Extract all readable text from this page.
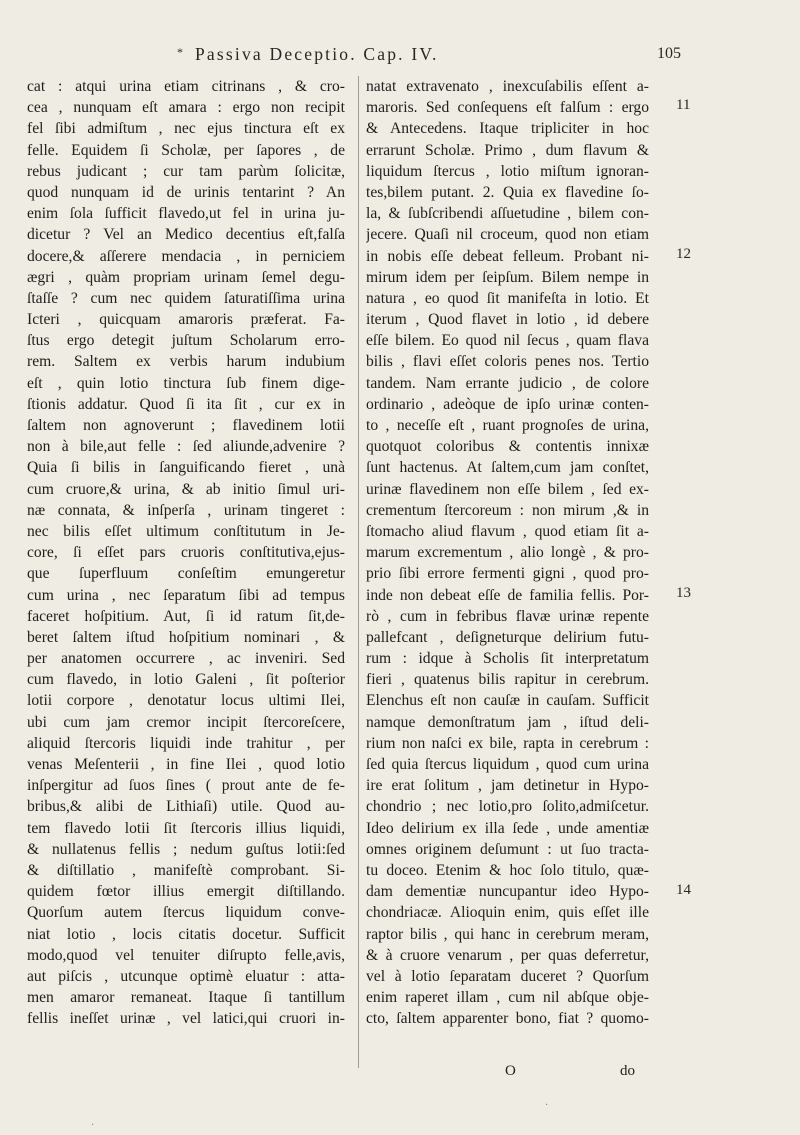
* Passiva Deceptio. Cap. IV.	105
cat : atqui urina etiam citrinans , & cro-
cea , nunquam eſt amara : ergo non recipit
fel ſibi admiſtum , nec ejus tinctura eſt ex
felle. Equidem ſi Scholæ, per ſapores , de
rebus judicant ; cur tam parùm ſolicitæ,
quod nunquam id de urinis tentarint ? An
enim ſola ſufficit flavedo,ut fel in urina ju-
dicetur ? Vel an Medico decentius eſt,falſa
docere,& aſſerere mendacia , in perniciem
ægri , quàm propriam urinam ſemel degu-
ſtaſſe ? cum nec quidem ſaturatiſſima urina
Icteri , quicquam amaroris præferat. Fa-
ſtus ergo detegit juſtum Scholarum erro-
rem. Saltem ex verbis harum indubium
eſt , quin lotio tinctura ſub finem dige-
ſtionis addatur. Quod ſi ita ſit , cur ex in
ſaltem non agnoverunt ; flavedinem lotii
non à bile,aut felle : ſed aliunde,advenire ?
Quia ſi bilis in ſanguificando fieret , unà
cum cruore,& urina, & ab initio ſimul uri-
næ connata, & inſperſa , urinam tingeret :
nec bilis eſſet ultimum conſtitutum in Je-
core, ſi eſſet pars cruoris conſtitutiva,ejus-
que ſuperfluum conſeſtim emungeretur
cum urina , nec ſeparatum ſibi ad tempus
faceret hoſpitium. Aut, ſi id ratum ſit,de-
beret ſaltem iſtud hoſpitium nominari , &
per anatomen occurrere , ac inveniri. Sed
cum flavedo, in lotio Galeni , ſit poſterior
lotii corpore , denotatur locus ultimi Ilei,
ubi cum jam cremor incipit ſtercoreſcere,
aliquid ſtercoris liquidi inde trahitur , per
venas Meſenterii , in fine Ilei , quod lotio
inſpergitur ad ſuos ſines ( prout ante de fe-
bribus,& alibi de Lithiaſi) utile. Quod au-
tem flavedo lotii ſit ſtercoris illius liquidi,
& nullatenus fellis ; nedum guſtus lotii:ſed
& diſtillatio , manifeſtè comprobant. Si-
quidem fœtor illius emergit diſtillando.
Quorſum autem ſtercus liquidum conve-
niat lotio , locis citatis docetur. Sufficit
modo,quod vel tenuiter diſrupto felle,avis,
aut piſcis , utcunque optimè eluatur : atta-
men amaror remaneat. Itaque ſi tantillum
fellis ineſſet urinæ , vel latici,qui cruori in-
natat extravenato , inexcuſabilis eſſent a-
maroris. Sed conſequens eſt falſum : ergo
& Antecedens. Itaque tripliciter in hoc
errarunt Scholæ. Primo , dum flavum &
liquidum ſtercus , lotio miſtum ignoran-
tes,bilem putant. 2. Quia ex flavedine ſo-
la, & ſubſcribendi aſſuetudine , bilem con-
jecere. Quaſi nil croceum, quod non etiam
in nobis eſſe debeat felleum. Probant ni-
mirum idem per ſeipſum. Bilem nempe in
natura , eo quod ſit manifeſta in lotio. Et
iterum , Quod flavet in lotio , id debere
eſſe bilem. Eo quod nil ſecus , quam flava
bilis , flavi eſſet coloris penes nos. Tertio
tandem. Nam errante judicio , de colore
ordinario , adeòque de ipſo urinæ conten-
to , neceſſe eſt , ruant prognoſes de urina,
quotquot coloribus & contentis innixæ
ſunt hactenus. At ſaltem,cum jam conſtet,
urinæ flavedinem non eſſe bilem , ſed ex-
crementum ſtercoreum : non mirum ,& in
ſtomacho aliud flavum , quod etiam ſit a-
marum excrementum , alio longè , & pro-
prio ſibi errore fermenti gigni , quod pro-
inde non debeat eſſe de familia fellis. Por-
rò , cum in febribus flavæ urinæ repente
pallefcant , deſigneturque delirium futu-
rum : idque à Scholis ſit interpretatum
fieri , quatenus bilis rapitur in cerebrum.
Elenchus eſt non cauſæ in cauſam. Sufficit
namque demonſtratum jam , iſtud deli-
rium non naſci ex bile, rapta in cerebrum :
ſed quia ſtercus liquidum , quod cum urina
ire erat ſolitum , jam detinetur in Hypo-
chondrio ; nec lotio,pro ſolito,admiſcetur.
Ideo delirium ex illa ſede , unde amentiæ
omnes originem deſumunt : ut ſuo tracta-
tu doceo. Etenim & hoc ſolo titulo, quæ-
dam dementiæ nuncupantur ideo Hypo-
chondriacæ. Alioquin enim, quis eſſet ille
raptor bilis , qui hanc in cerebrum meram,
& à cruore venarum , per quas deferretur,
vel à lotio ſeparatam duceret ? Quorſum
enim raperet illam , cum nil abſque obje-
cto, ſaltem apparenter bono, fiat ? quomo-
11
12
13
14
O	do
·
·
